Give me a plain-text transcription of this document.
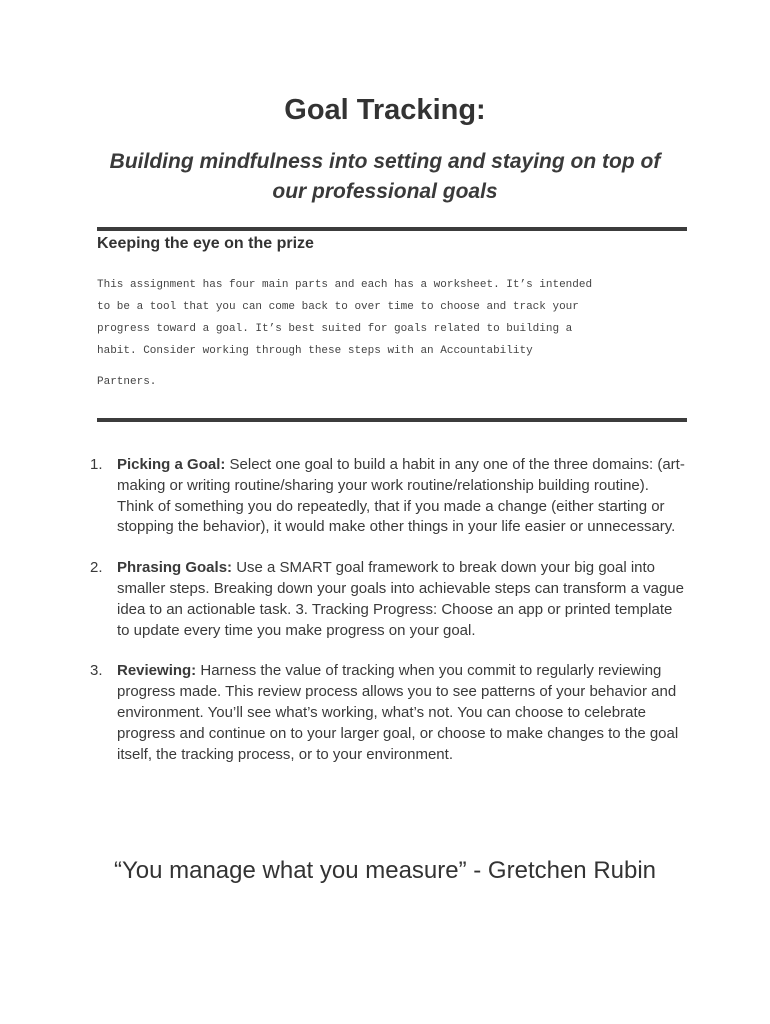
Goal Tracking:
Building mindfulness into setting and staying on top of our professional goals
Keeping the eye on the prize

This assignment has four main parts and each has a worksheet. It’s intended
to be a tool that you can come back to over time to choose and track your
progress toward a goal. It’s best suited for goals related to building a
habit. Consider working through these steps with an Accountability

Partners.

1. Picking a Goal: Select one goal to build a habit in any one of the three domains: (art-making or writing routine/sharing your work routine/relationship building routine). Think of something you do repeatedly, that if you made a change (either starting or stopping the behavior), it would make other things in your life easier or unnecessary.
2. Phrasing Goals: Use a SMART goal framework to break down your big goal into smaller steps. Breaking down your goals into achievable steps can transform a vague idea to an actionable task. 3. Tracking Progress: Choose an app or printed template to update every time you make progress on your goal.
3. Reviewing: Harness the value of tracking when you commit to regularly reviewing progress made. This review process allows you to see patterns of your behavior and environment. You’ll see what’s working, what’s not. You can choose to celebrate progress and continue on to your larger goal, or choose to make changes to the goal itself, the tracking process, or to your environment.

“You manage what you measure” - Gretchen Rubin
